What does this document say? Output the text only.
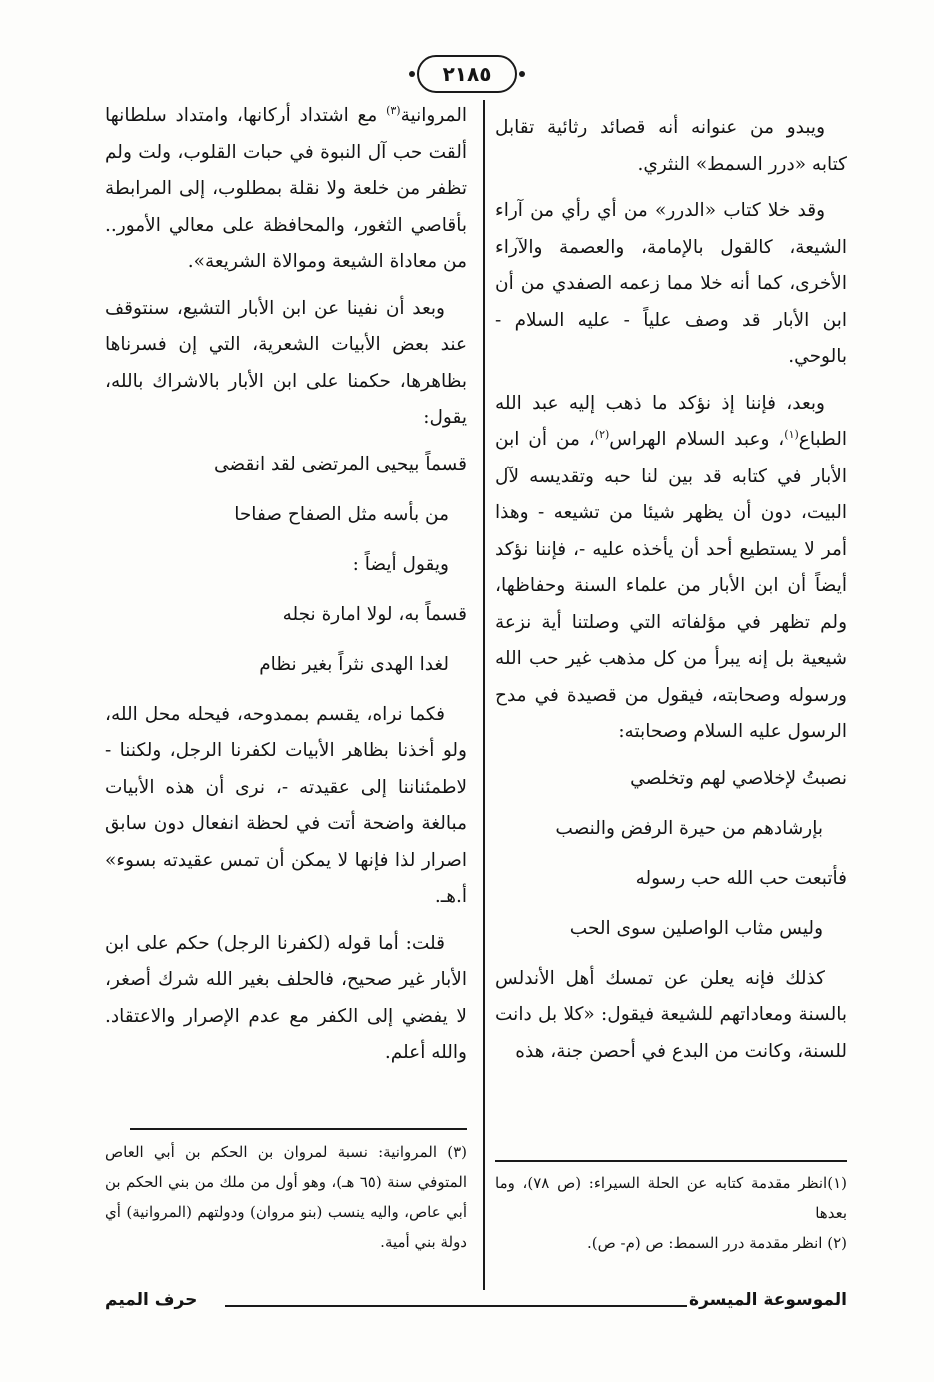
٢١٨٥

ويبدو من عنوانه أنه قصائد رثائية تقابل كتابه «درر السمط» النثري.

وقد خلا كتاب «الدرر» من أي رأي من آراء الشيعة، كالقول بالإمامة، والعصمة والآراء الأخرى، كما أنه خلا مما زعمه الصفدي من أن ابن الأبار قد وصف علياً - عليه السلام - بالوحي.

وبعد، فإننا إذ نؤكد ما ذهب إليه عبد الله الطباع$^{(١)}$، وعبد السلام الهراس$^{(٢)}$، من أن ابن الأبار في كتابه قد بين لنا حبه وتقديسه لآل البيت، دون أن يظهر شيئا من تشيعه - وهذا أمر لا يستطيع أحد أن يأخذه عليه -، فإننا نؤكد أيضاً أن ابن الأبار من علماء السنة وحفاظها، ولم تظهر في مؤلفاته التي وصلتنا أية نزعة شيعية بل إنه يبرأ من كل مذهب غير حب الله ورسوله وصحابته، فيقول من قصيدة في مدح الرسول عليه السلام وصحابته:

نصبتُ لإخلاصي لهم وتخلصي
بإرشادهم من حيرة الرفض والنصب
فأتبعت حب الله حب رسوله
وليس مثاب الواصلين سوى الحب

كذلك فإنه يعلن عن تمسك أهل الأندلس بالسنة ومعاداتهم للشيعة فيقول: «كلا بل دانت للسنة، وكانت من البدع في أحصن جنة، هذه

المروانية$^{(٣)}$ مع اشتداد أركانها، وامتداد سلطانها ألقت حب آل النبوة في حبات القلوب، ولت ولم تظفر من خلعة ولا نقلة بمطلوب، إلى المرابطة بأقاصي الثغور، والمحافظة على معالي الأمور.. من معاداة الشيعة وموالاة الشريعة».

وبعد أن نفينا عن ابن الأبار التشيع، سنتوقف عند بعض الأبيات الشعرية، التي إن فسرناها بظاهرها، حكمنا على ابن الأبار بالاشراك بالله، يقول:

قسماً بيحيى المرتضى لقد انقضى
من بأسه مثل الصفاح صفاحا
ويقول أيضاً :
قسماً به، لولا امارة نجله
لغدا الهدى نثراً بغير نظام

فكما نراه، يقسم بممدوحه، فيحله محل الله، ولو أخذنا بظاهر الأبيات لكفرنا الرجل، ولكننا - لاطمئناننا إلى عقيدته -، نرى أن هذه الأبيات مبالغة واضحة أتت في لحظة انفعال دون سابق اصرار لذا فإنها لا يمكن أن تمس عقيدته بسوء» أ.هـ.

قلت: أما قوله (لكفرنا الرجل) حكم على ابن الأبار غير صحيح، فالحلف بغير الله شرك أصغر، لا يفضي إلى الكفر مع عدم الإصرار والاعتقاد. والله أعلم.

(٣) المروانية: نسبة لمروان بن الحكم بن أبي العاص المتوفي سنة (٦٥ هـ)، وهو أول من ملك من بني الحكم بن أبي عاص، واليه ينسب (بنو مروان) ودولتهم (المروانية) أي دولة بني أمية.

(١)انظر مقدمة كتابه عن الحلة السيراء: (ص ٧٨)، وما بعدها

(٢) انظر مقدمة درر السمط: ص (م- ص).

الموسوعة الميسرة
حرف الميم
